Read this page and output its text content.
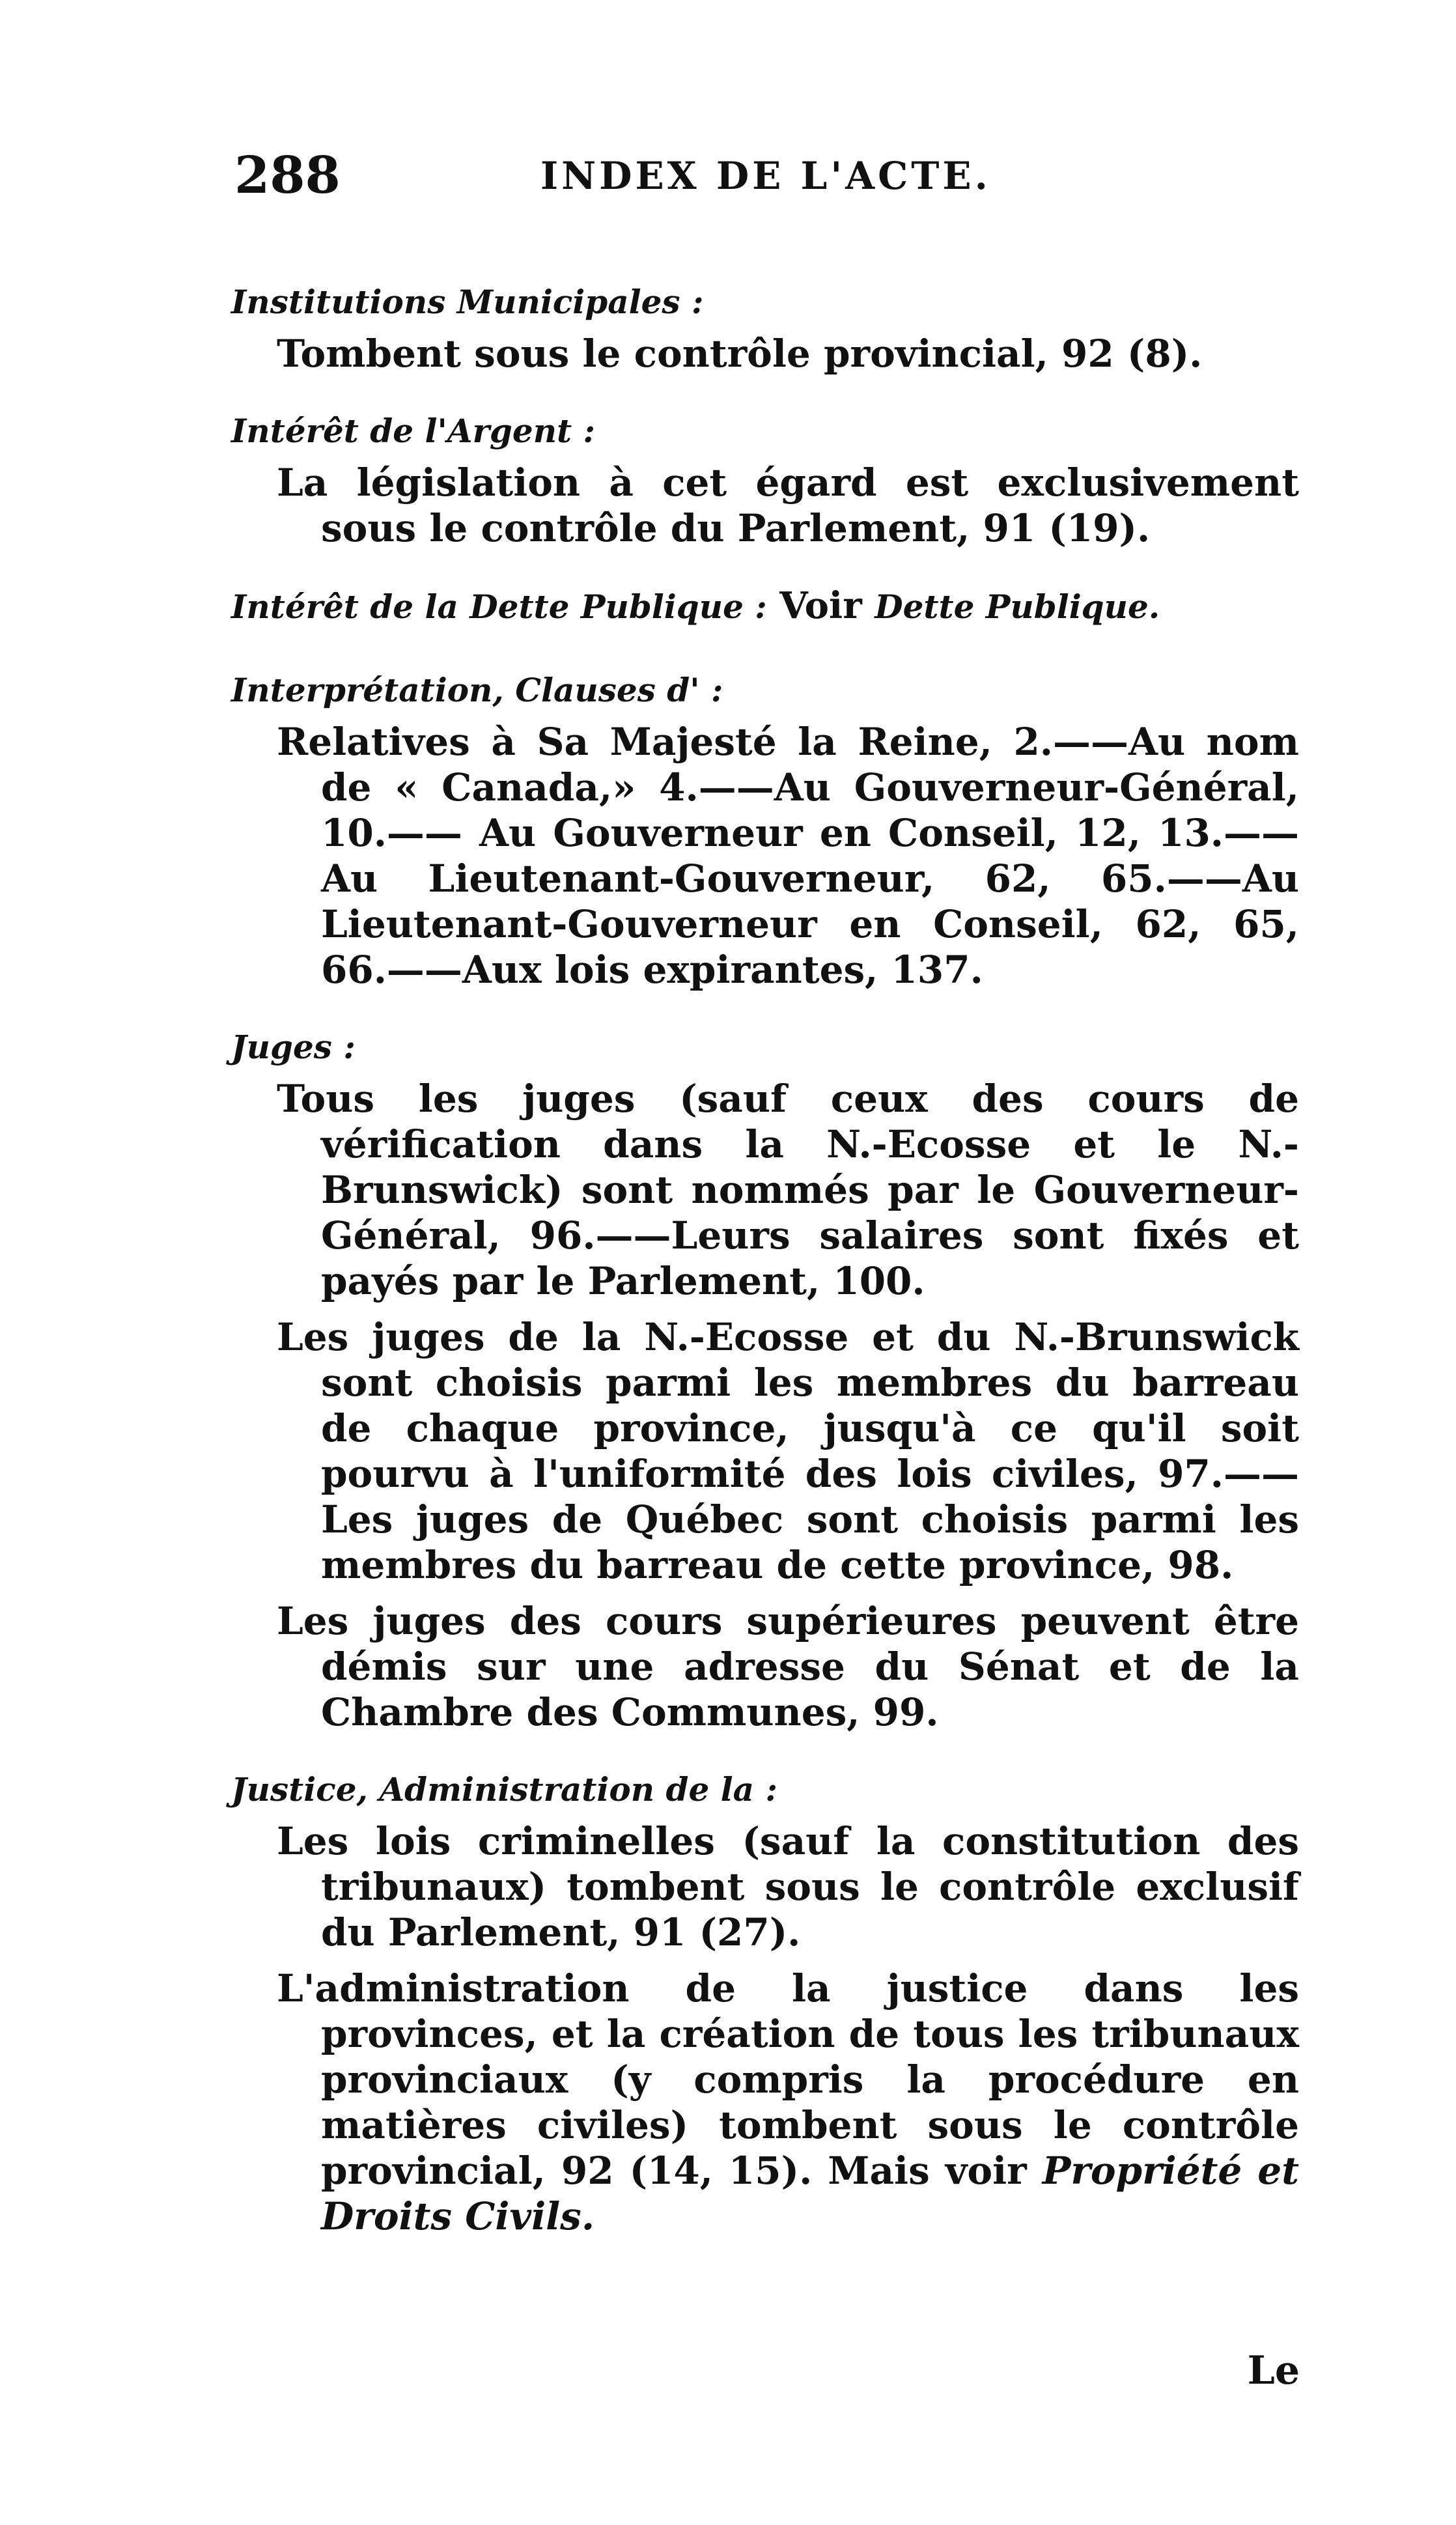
288	INDEX DE L'ACTE.

Institutions Municipales :

Tombent sous le contrôle provincial, 92 (8).

Intérêt de l'Argent :

La législation à cet égard est exclusivement sous le contrôle du Parlement, 91 (19).

Intérêt de la Dette Publique : Voir Dette Publique.

Interprétation, Clauses d' :

Relatives à Sa Majesté la Reine, 2.——Au nom de « Canada,» 4.——Au Gouverneur-Général, 10.—— Au Gouverneur en Conseil, 12, 13.——Au Lieutenant-Gouverneur, 62, 65.——Au Lieutenant-Gouverneur en Conseil, 62, 65, 66.——Aux lois expirantes, 137.

Juges :

Tous les juges (sauf ceux des cours de vérification dans la N.-Ecosse et le N.-Brunswick) sont nommés par le Gouverneur-Général, 96.——Leurs salaires sont fixés et payés par le Parlement, 100.

Les juges de la N.-Ecosse et du N.-Brunswick sont choisis parmi les membres du barreau de chaque province, jusqu'à ce qu'il soit pourvu à l'uniformité des lois civiles, 97.——Les juges de Québec sont choisis parmi les membres du barreau de cette province, 98.

Les juges des cours supérieures peuvent être démis sur une adresse du Sénat et de la Chambre des Communes, 99.

Justice, Administration de la :

Les lois criminelles (sauf la constitution des tribunaux) tombent sous le contrôle exclusif du Parlement, 91 (27).

L'administration de la justice dans les provinces, et la création de tous les tribunaux provinciaux (y compris la procédure en matières civiles) tombent sous le contrôle provincial, 92 (14, 15). Mais voir Propriété et Droits Civils.

Le
